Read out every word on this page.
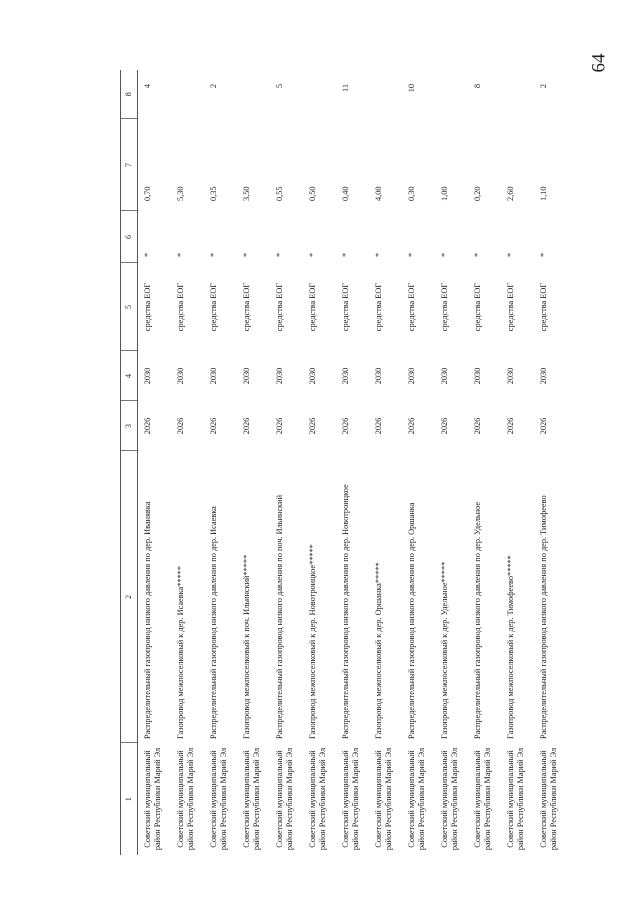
64
1	2	3	4	5	6	7	8
Советский муниципальный район Республики Марий Эл	Распределительный газопровод низкого давления по дер. Иванявка	2026	2030	средства ЕОГ	*	0,70	4
Советский муниципальный район Республики Марий Эл	Газопровод межпоселковый к дер. Исаевка*****	2026	2030	средства ЕОГ	*	5,30	
Советский муниципальный район Республики Марий Эл	Распределительный газопровод низкого давления по дер. Исаевка	2026	2030	средства ЕОГ	*	0,35	2
Советский муниципальный район Республики Марий Эл	Газопровод межпоселковый к поч. Ильинский*****	2026	2030	средства ЕОГ	*	3,50	
Советский муниципальный район Республики Марий Эл	Распределительный газопровод низкого давления по поч. Ильинский	2026	2030	средства ЕОГ	*	0,55	5
Советский муниципальный район Республики Марий Эл	Газопровод межпоселковый к дер. Новотроицкое*****	2026	2030	средства ЕОГ	*	0,50	
Советский муниципальный район Республики Марий Эл	Распределительный газопровод низкого давления по дер. Новотроицкое	2026	2030	средства ЕОГ	*	0,40	11
Советский муниципальный район Республики Марий Эл	Газопровод межпоселковый к дер. Оршанка*****	2026	2030	средства ЕОГ	*	4,00	
Советский муниципальный район Республики Марий Эл	Распределительный газопровод низкого давления по дер. Оршанка	2026	2030	средства ЕОГ	*	0,30	10
Советский муниципальный район Республики Марий Эл	Газопровод межпоселковый к дер. Удельное*****	2026	2030	средства ЕОГ	*	1,00	
Советский муниципальный район Республики Марий Эл	Распределительный газопровод низкого давления по дер. Удельное	2026	2030	средства ЕОГ	*	0,20	8
Советский муниципальный район Республики Марий Эл	Газопровод межпоселковый к дер. Тимофеево*****	2026	2030	средства ЕОГ	*	2,60	
Советский муниципальный район Республики Марий Эл	Распределительный газопровод низкого давления по дер. Тимофеево	2026	2030	средства ЕОГ	*	1,10	2
